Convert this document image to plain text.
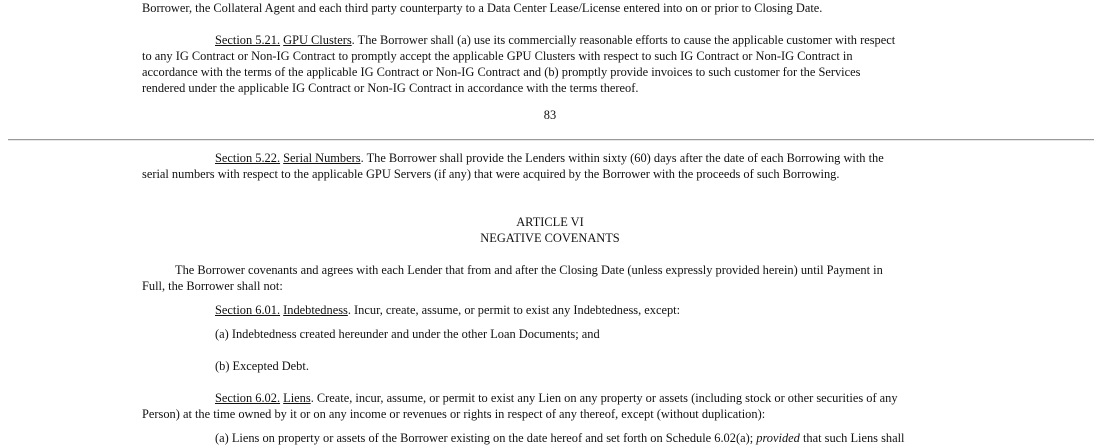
Borrower, the Collateral Agent and each third party counterparty to a Data Center Lease/License entered into on or prior to Closing Date.
Section 5.21. GPU Clusters. The Borrower shall (a) use its commercially reasonable efforts to cause the applicable customer with respect
to any IG Contract or Non-IG Contract to promptly accept the applicable GPU Clusters with respect to such IG Contract or Non-IG Contract in
accordance with the terms of the applicable IG Contract or Non-IG Contract and (b) promptly provide invoices to such customer for the Services
rendered under the applicable IG Contract or Non-IG Contract in accordance with the terms thereof.
83
Section 5.22. Serial Numbers. The Borrower shall provide the Lenders within sixty (60) days after the date of each Borrowing with the
serial numbers with respect to the applicable GPU Servers (if any) that were acquired by the Borrower with the proceeds of such Borrowing.
ARTICLE VI
NEGATIVE COVENANTS
The Borrower covenants and agrees with each Lender that from and after the Closing Date (unless expressly provided herein) until Payment in
Full, the Borrower shall not:
Section 6.01. Indebtedness. Incur, create, assume, or permit to exist any Indebtedness, except:
(a) Indebtedness created hereunder and under the other Loan Documents; and
(b) Excepted Debt.
Section 6.02. Liens. Create, incur, assume, or permit to exist any Lien on any property or assets (including stock or other securities of any
Person) at the time owned by it or on any income or revenues or rights in respect of any thereof, except (without duplication):
(a) Liens on property or assets of the Borrower existing on the date hereof and set forth on Schedule 6.02(a); provided that such Liens shall
